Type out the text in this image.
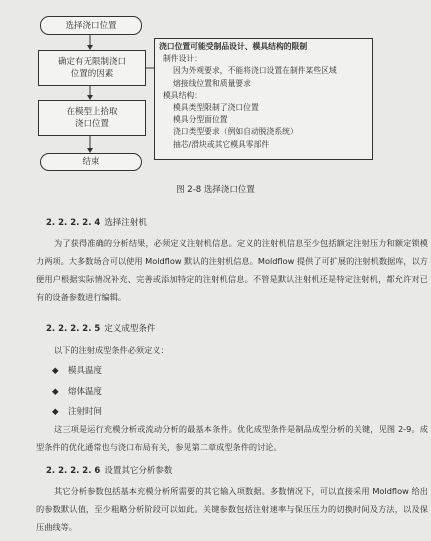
选择浇口位置
确定有无限制浇口
位置的因素
在模型上拾取
浇口位置
结束
浇口位置可能受制品设计、模具结构的限制
制件设计：
因为外观要求，不能将浇口设置在制件某些区域
熔接线位置和质量要求
模具结构：
模具类型限制了浇口位置
模具分型面位置
浇口类型要求（例如自动脱浇系统）
抽芯/滑块或其它模具零部件
图 2-8 选择浇口位置
2. 2. 2. 2. 4 选择注射机

为了获得准确的分析结果，必须定义注射机信息。定义的注射机信息至少包括额定注射压力和额定锁模力两项。大多数场合可以使用 Moldflow 默认的注射机信息。Moldflow 提供了可扩展的注射机数据库，以方便用户根据实际情况补充、完善或添加特定的注射机信息。不管是默认注射机还是特定注射机，都允许对已有的设备参数进行编辑。

2. 2. 2. 2. 5 定义成型条件

以下的注射成型条件必须定义：

◆ 模具温度
◆ 熔体温度
◆ 注射时间

这三项是运行充模分析或流动分析的最基本条件。优化成型条件是制品成型分析的关键，见图 2-9。成型条件的优化通常也与浇口布局有关，参见第二章成型条件的讨论。

2. 2. 2. 2. 6 设置其它分析参数

其它分析参数包括基本充模分析所需要的其它输入项数据。多数情况下，可以直接采用 Moldflow 给出的参数默认值，至少粗略分析阶段可以如此。关键参数包括注射速率与保压压力的切换时间及方法，以及保压曲线等。
